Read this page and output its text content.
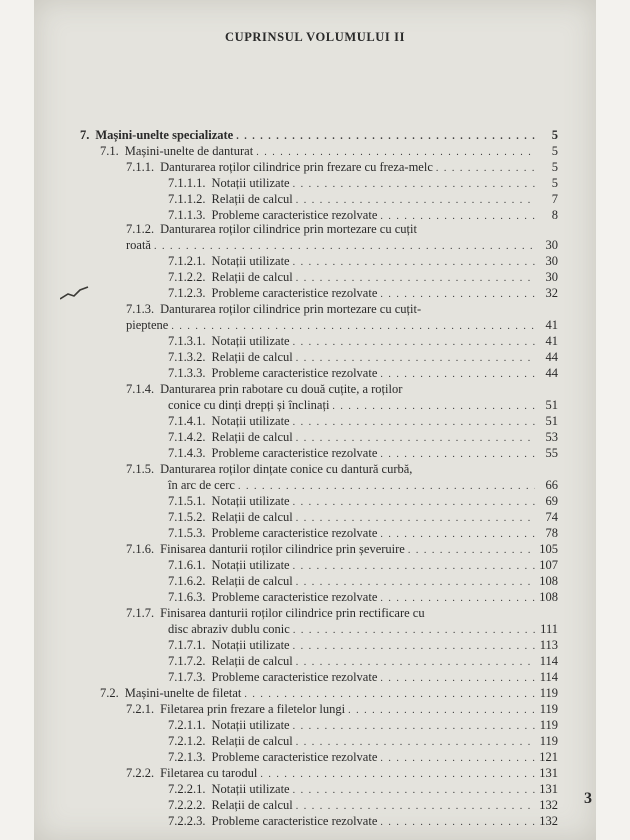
CUPRINSUL VOLUMULUI II
7. Mașini-unelte specializate . . .	5
7.1. Mașini-unelte de danturat . . .	5
7.1.1. Danturarea roților cilindrice prin frezare cu freza-melc . . .	5
7.1.1.1. Notații utilizate . . .	5
7.1.1.2. Relații de calcul . . .	7
7.1.1.3. Probleme caracteristice rezolvate . . .	8
7.1.2. Danturarea roților cilindrice prin mortezare cu cuțit
roată . . .	30
7.1.2.1. Notații utilizate . . .	30
7.1.2.2. Relații de calcul . . .	30
7.1.2.3. Probleme caracteristice rezolvate . . .	32
7.1.3. Danturarea roților cilindrice prin mortezare cu cuțit-
pieptene . . .	41
7.1.3.1. Notații utilizate . . .	41
7.1.3.2. Relații de calcul . . .	44
7.1.3.3. Probleme caracteristice rezolvate . . .	44
7.1.4. Danturarea prin rabotare cu două cuțite, a roților
conice cu dinți drepți și înclinați . . .	51
7.1.4.1. Notații utilizate . . .	51
7.1.4.2. Relații de calcul . . .	53
7.1.4.3. Probleme caracteristice rezolvate . . .	55
7.1.5. Danturarea roților dințate conice cu dantură curbă,
în arc de cerc . . .	66
7.1.5.1. Notații utilizate . . .	69
7.1.5.2. Relații de calcul . . .	74
7.1.5.3. Probleme caracteristice rezolvate . . .	78
7.1.6. Finisarea danturii roților cilindrice prin șeveruire . . .	105
7.1.6.1. Notații utilizate . . .	107
7.1.6.2. Relații de calcul . . .	108
7.1.6.3. Probleme caracteristice rezolvate . . .	108
7.1.7. Finisarea danturii roților cilindrice prin rectificare cu
disc abraziv dublu conic . . .	111
7.1.7.1. Notații utilizate . . .	113
7.1.7.2. Relații de calcul . . .	114
7.1.7.3. Probleme caracteristice rezolvate . . .	114
7.2. Mașini-unelte de filetat . . .	119
7.2.1. Filetarea prin frezare a filetelor lungi . . .	119
7.2.1.1. Notații utilizate . . .	119
7.2.1.2. Relații de calcul . . .	119
7.2.1.3. Probleme caracteristice rezolvate . . .	121
7.2.2. Filetarea cu tarodul . . .	131
7.2.2.1. Notații utilizate . . .	131
7.2.2.2. Relații de calcul . . .	132
7.2.2.3. Probleme caracteristice rezolvate . . .	132
3
